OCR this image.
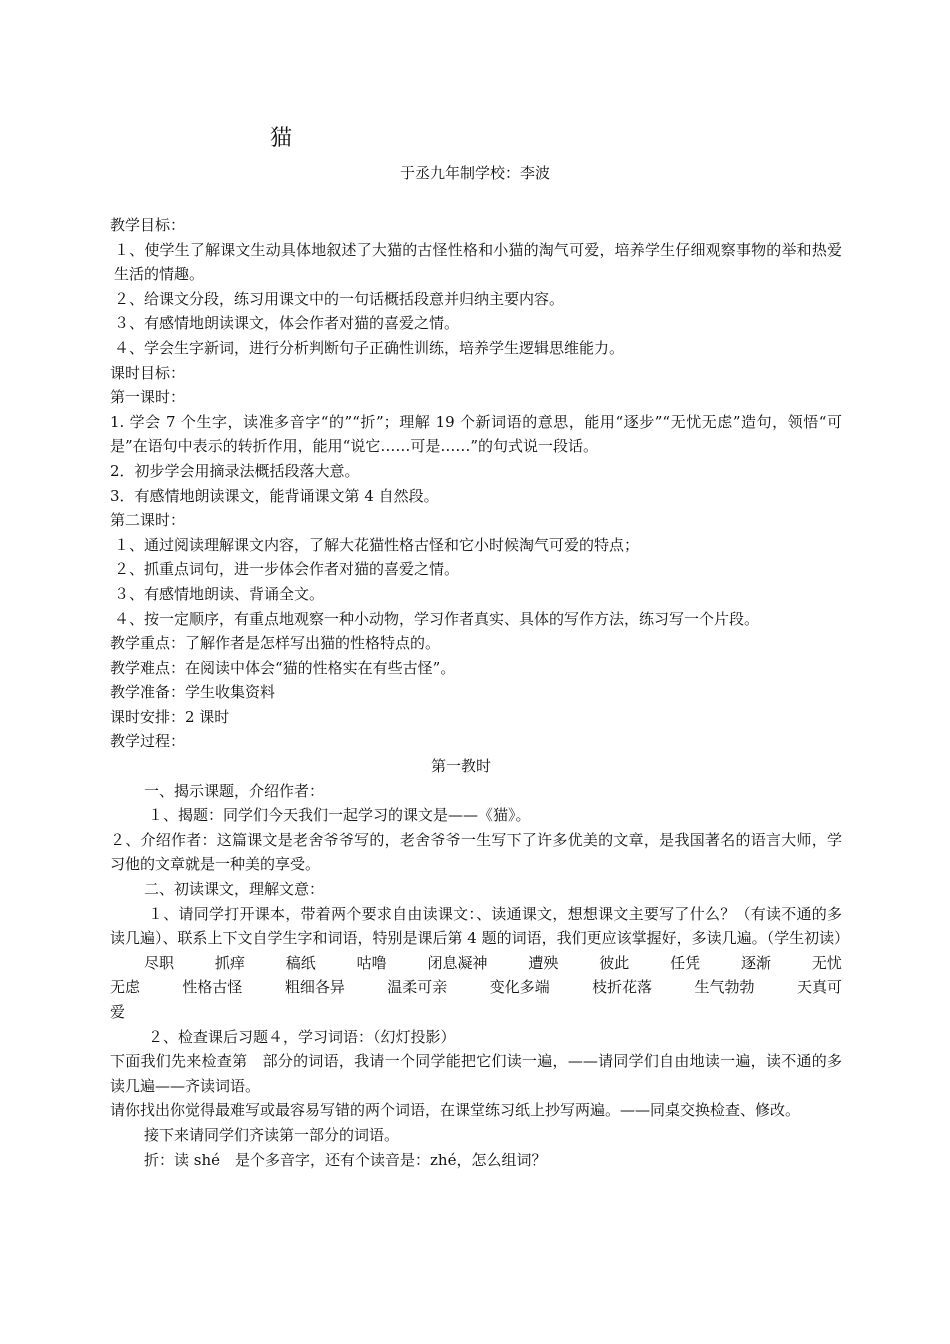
猫
于丞九年制学校：李波
教学目标：
１、使学生了解课文生动具体地叙述了大猫的古怪性格和小猫的淘气可爱，培养学生仔细观察事物的举和热爱生活的情趣。
２、给课文分段，练习用课文中的一句话概括段意并归纳主要内容。
３、有感情地朗读课文，体会作者对猫的喜爱之情。
４、学会生字新词，进行分析判断句子正确性训练，培养学生逻辑思维能力。
课时目标：
第一课时：
1. 学会 7 个生字，读准多音字“的”“折”；理解 19 个新词语的意思，能用“逐步”“无忧无虑”造句，领悟“可是”在语句中表示的转折作用，能用“说它……可是……”的句式说一段话。
2．初步学会用摘录法概括段落大意。
3．有感情地朗读课文，能背诵课文第 4 自然段。
第二课时：
１、通过阅读理解课文内容，了解大花猫性格古怪和它小时候淘气可爱的特点；
２、抓重点词句，进一步体会作者对猫的喜爱之情。
３、有感情地朗读、背诵全文。
４、按一定顺序，有重点地观察一种小动物，学习作者真实、具体的写作方法，练习写一个片段。
教学重点：了解作者是怎样写出猫的性格特点的。
教学难点：在阅读中体会“猫的性格实在有些古怪”。
教学准备：学生收集资料
课时安排：2 课时
教学过程：
第一教时
一、揭示课题，介绍作者：
１、揭题：同学们今天我们一起学习的课文是——《猫》。
２、介绍作者：这篇课文是老舍爷爷写的，老舍爷爷一生写下了许多优美的文章，是我国著名的语言大师，学习他的文章就是一种美的享受。
二、初读课文，理解文意：
１、请同学打开课本，带着两个要求自由读课文：、读通课文，想想课文主要写了什么？（有读不通的多读几遍）、联系上下文自学生字和词语，特别是课后第 4 题的词语，我们更应该掌握好，多读几遍。（学生初读）
尽职	抓痒	稿纸	咕噜	闭息凝神	遭殃	彼此	任凭	逐渐	无忧
无虑	性格古怪	粗细各异	温柔可亲	变化多端	枝折花落	生气勃勃	天真可
爱
２、检查课后习题４，学习词语：（幻灯投影）
下面我们先来检查第　部分的词语，我请一个同学能把它们读一遍，——请同学们自由地读一遍，读不通的多读几遍——齐读词语。
请你找出你觉得最难写或最容易写错的两个词语，在课堂练习纸上抄写两遍。——同桌交换检查、修改。
接下来请同学们齐读第一部分的词语。
折：读 shé　是个多音字，还有个读音是：zhé，怎么组词？
